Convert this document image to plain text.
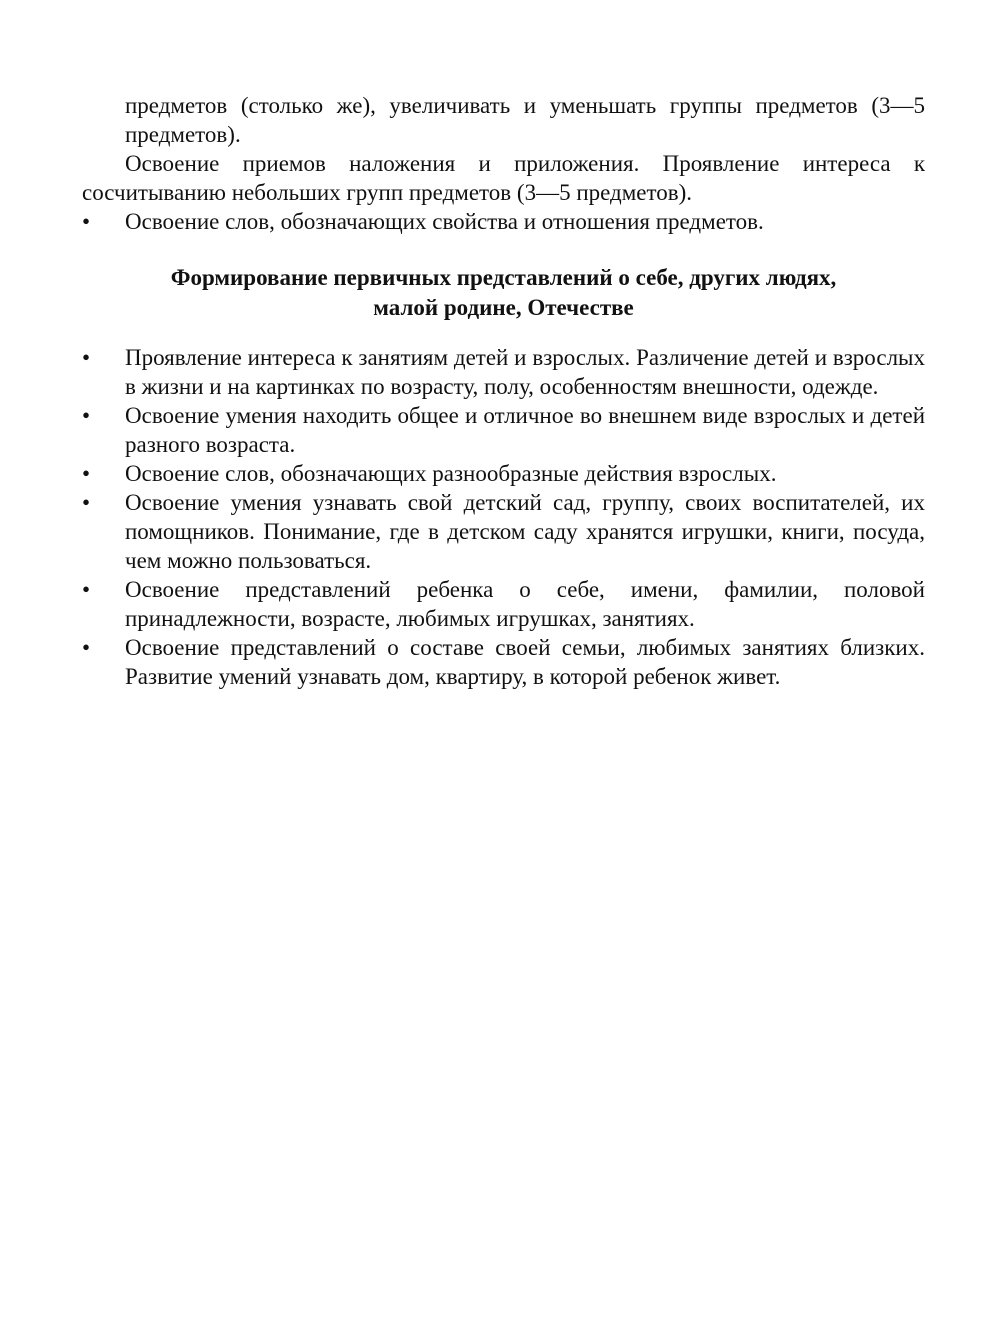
предметов (столько же), увеличивать и уменьшать группы предметов (3—5 предметов).

Освоение приемов наложения и приложения. Проявление интереса к сосчитыванию небольших групп предметов (3—5 предметов).

• Освоение слов, обозначающих свойства и отношения предметов.
Формирование первичных представлений о себе, других людях,
малой родине, Отечестве
• Проявление интереса к занятиям детей и взрослых. Различение детей и взрослых в жизни и на картинках по возрасту, полу, особенностям внешности, одежде.
• Освоение умения находить общее и отличное во внешнем виде взрослых и детей разного возраста.
• Освоение слов, обозначающих разнообразные действия взрослых.
• Освоение умения узнавать свой детский сад, группу, своих воспитателей, их помощников. Понимание, где в детском саду хранятся игрушки, книги, посуда, чем можно пользоваться.
• Освоение представлений ребенка о себе, имени, фамилии, половой принадлежности, возрасте, любимых игрушках, занятиях.
• Освоение представлений о составе своей семьи, любимых занятиях близких. Развитие умений узнавать дом, квартиру, в которой ребенок живет.
